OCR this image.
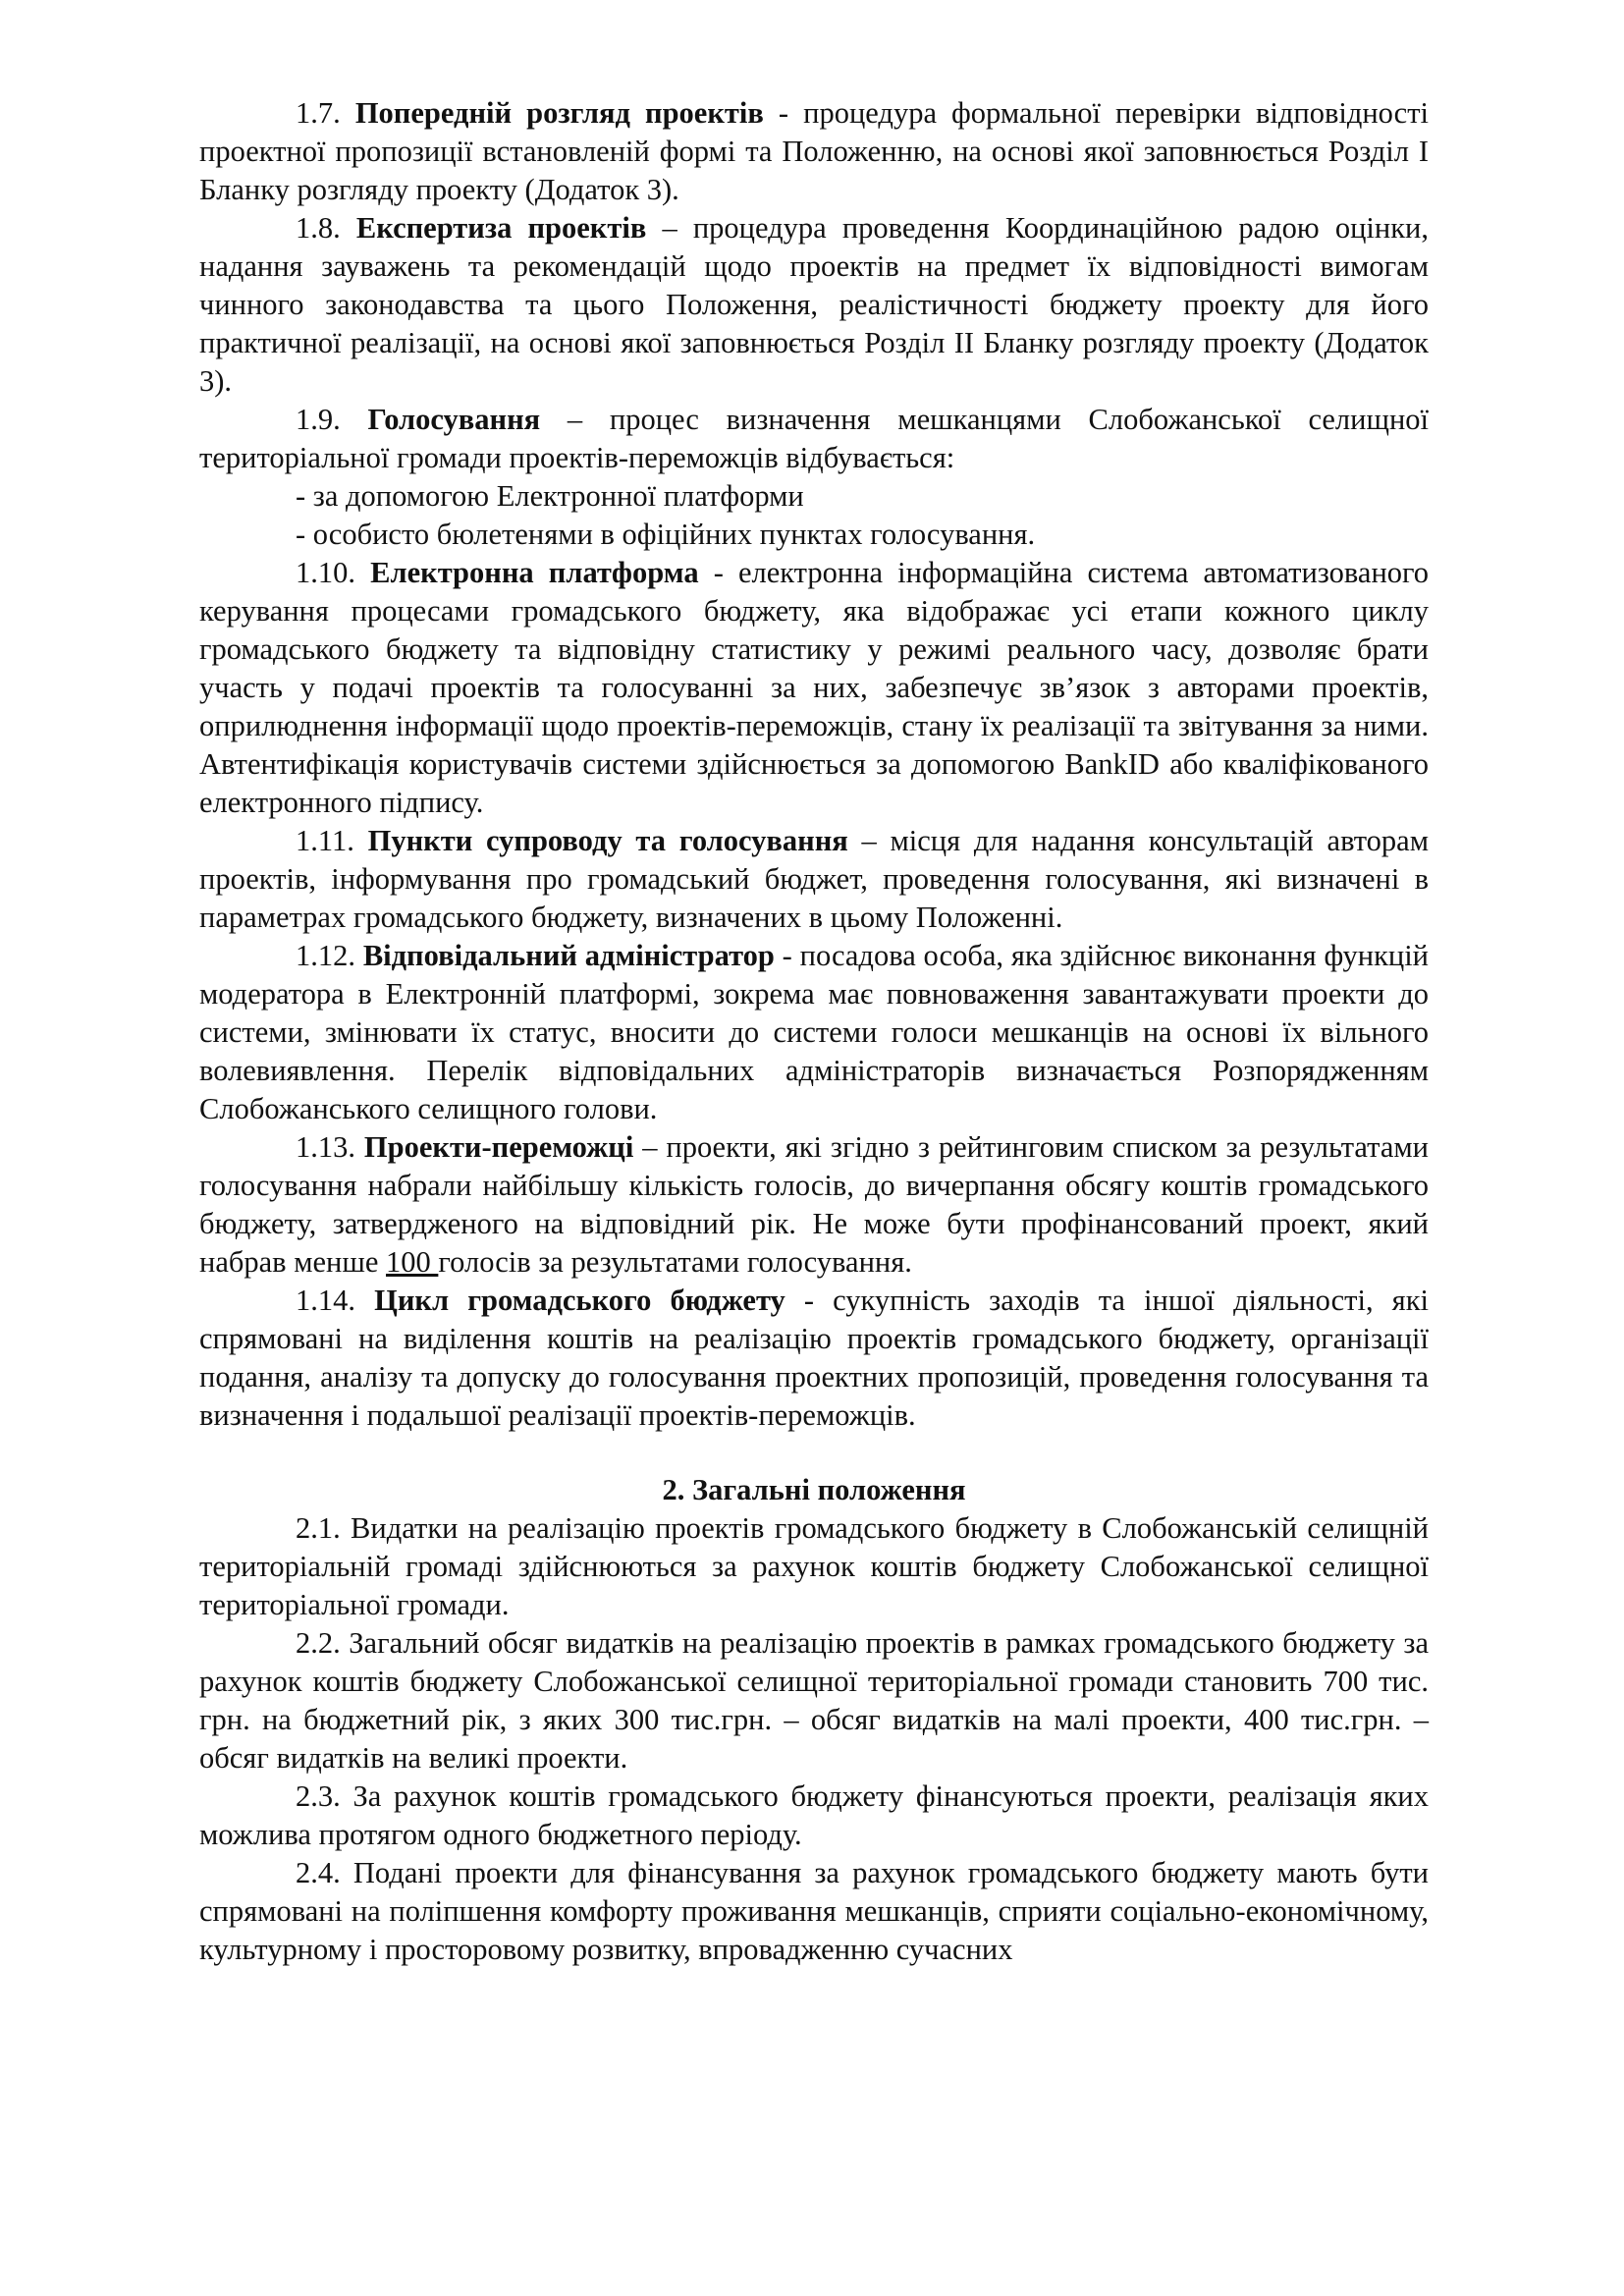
1.7. Попередній розгляд проектів - процедура формальної перевірки відповідності проектної пропозиції встановленій формі та Положенню, на основі якої заповнюється Розділ І Бланку розгляду проекту (Додаток 3).

1.8. Експертиза проектів – процедура проведення Координаційною радою оцінки, надання зауважень та рекомендацій щодо проектів на предмет їх відповідності вимогам чинного законодавства та цього Положення, реалістичності бюджету проекту для його практичної реалізації, на основі якої заповнюється Розділ ІІ Бланку розгляду проекту (Додаток 3).

1.9. Голосування – процес визначення мешканцями Слобожанської селищної територіальної громади проектів-переможців відбувається:

- за допомогою Електронної платформи

- особисто бюлетенями в офіційних пунктах голосування.

1.10. Електронна платформа - електронна інформаційна система автоматизованого керування процесами громадського бюджету, яка відображає усі етапи кожного циклу громадського бюджету та відповідну статистику у режимі реального часу, дозволяє брати участь у подачі проектів та голосуванні за них, забезпечує зв’язок з авторами проектів, оприлюднення інформації щодо проектів-переможців, стану їх реалізації та звітування за ними. Автентифікація користувачів системи здійснюється за допомогою BankID або кваліфікованого електронного підпису.

1.11. Пункти супроводу та голосування – місця для надання консультацій авторам проектів, інформування про громадський бюджет, проведення голосування, які визначені в параметрах громадського бюджету, визначених в цьому Положенні.

1.12. Відповідальний адміністратор - посадова особа, яка здійснює виконання функцій модератора в Електронній платформі, зокрема має повноваження завантажувати проекти до системи, змінювати їх статус, вносити до системи голоси мешканців на основі їх вільного волевиявлення. Перелік відповідальних адміністраторів визначається Розпорядженням Слобожанського селищного голови.

1.13. Проекти-переможці – проекти, які згідно з рейтинговим списком за результатами голосування набрали найбільшу кількість голосів, до вичерпання обсягу коштів громадського бюджету, затвердженого на відповідний рік. Не може бути профінансований проект, який набрав менше 100 голосів за результатами голосування.

1.14. Цикл громадського бюджету - сукупність заходів та іншої діяльності, які спрямовані на виділення коштів на реалізацію проектів громадського бюджету, організації подання, аналізу та допуску до голосування проектних пропозицій, проведення голосування та визначення і подальшої реалізації проектів-переможців.

2. Загальні положення

2.1. Видатки на реалізацію проектів громадського бюджету в Слобожанській селищній територіальній громаді здійснюються за рахунок коштів бюджету Слобожанської селищної територіальної громади.

2.2. Загальний обсяг видатків на реалізацію проектів в рамках громадського бюджету за рахунок коштів бюджету Слобожанської селищної територіальної громади становить 700 тис. грн. на бюджетний рік, з яких 300 тис.грн. – обсяг видатків на малі проекти, 400 тис.грн. – обсяг видатків на великі проекти.

2.3. За рахунок коштів громадського бюджету фінансуються проекти, реалізація яких можлива протягом одного бюджетного періоду.

2.4. Подані проекти для фінансування за рахунок громадського бюджету мають бути спрямовані на поліпшення комфорту проживання мешканців, сприяти соціально-економічному, культурному і просторовому розвитку, впровадженню сучасних
